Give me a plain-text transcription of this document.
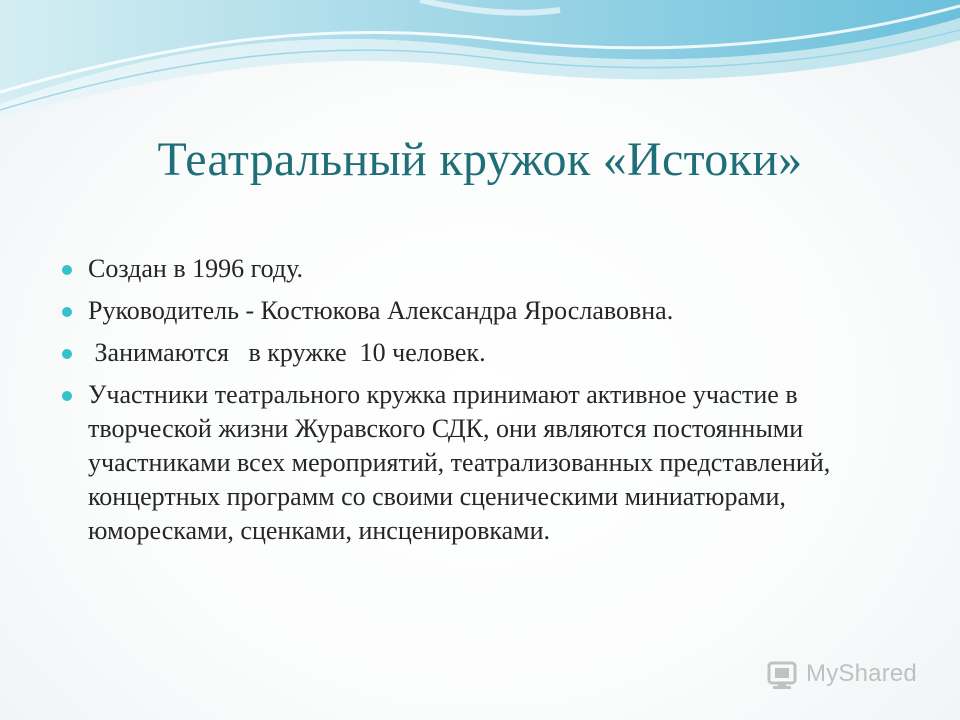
Театральный кружок «Истоки»
Создан в 1996 году.
Руководитель - Костюкова Александра Ярославовна.
Занимаются   в кружке  10 человек.
Участники театрального кружка принимают активное участие в творческой жизни Журавского СДК, они являются постоянными участниками всех мероприятий, театрализованных представлений, концертных программ со своими сценическими миниатюрами, юморесками, сценками, инсценировками.
MyShared
